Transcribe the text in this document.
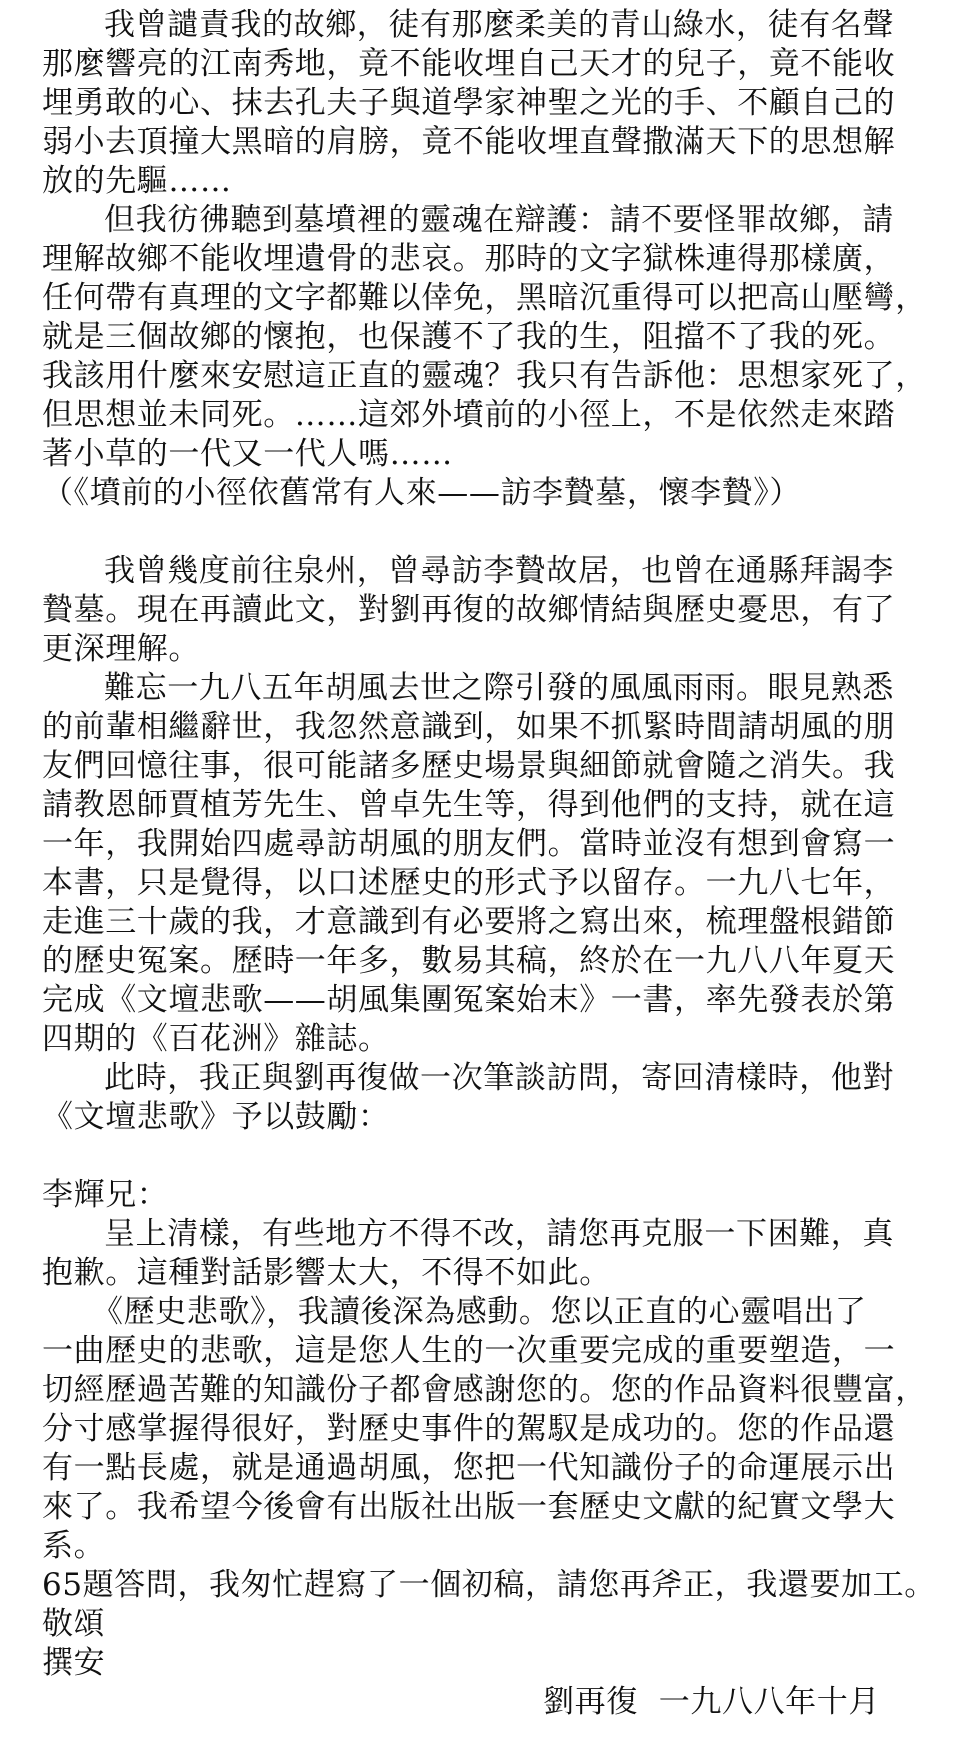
我曾譴責我的故鄉，徒有那麼柔美的青山綠水，徒有名聲
那麼響亮的江南秀地，竟不能收埋自己天才的兒子，竟不能收
埋勇敢的心、抹去孔夫子與道學家神聖之光的手、不顧自己的
弱小去頂撞大黑暗的肩膀，竟不能收埋直聲撒滿天下的思想解
放的先驅……

但我彷彿聽到墓墳裡的靈魂在辯護：請不要怪罪故鄉，請
理解故鄉不能收埋遺骨的悲哀。那時的文字獄株連得那樣廣，
任何帶有真理的文字都難以倖免，黑暗沉重得可以把高山壓彎，
就是三個故鄉的懷抱，也保護不了我的生，阻擋不了我的死。
我該用什麼來安慰這正直的靈魂？我只有告訴他：思想家死了，
但思想並未同死。……這郊外墳前的小徑上，不是依然走來踏
著小草的一代又一代人嗎……

（《墳前的小徑依舊常有人來——訪李贄墓，懷李贄》）

我曾幾度前往泉州，曾尋訪李贄故居，也曾在通縣拜謁李
贄墓。現在再讀此文，對劉再復的故鄉情結與歷史憂思，有了
更深理解。

難忘一九八五年胡風去世之際引發的風風雨雨。眼見熟悉
的前輩相繼辭世，我忽然意識到，如果不抓緊時間請胡風的朋
友們回憶往事，很可能諸多歷史場景與細節就會隨之消失。我
請教恩師賈植芳先生、曾卓先生等，得到他們的支持，就在這
一年，我開始四處尋訪胡風的朋友們。當時並沒有想到會寫一
本書，只是覺得，以口述歷史的形式予以留存。一九八七年，
走進三十歲的我，才意識到有必要將之寫出來，梳理盤根錯節
的歷史冤案。歷時一年多，數易其稿，終於在一九八八年夏天
完成《文壇悲歌——胡風集團冤案始末》一書，率先發表於第
四期的《百花洲》雜誌。

此時，我正與劉再復做一次筆談訪問，寄回清樣時，他對
《文壇悲歌》予以鼓勵：

李輝兄：

呈上清樣，有些地方不得不改，請您再克服一下困難，真
抱歉。這種對話影響太大，不得不如此。

《歷史悲歌》，我讀後深為感動。您以正直的心靈唱出了
一曲歷史的悲歌，這是您人生的一次重要完成的重要塑造，一
切經歷過苦難的知識份子都會感謝您的。您的作品資料很豐富，
分寸感掌握得很好，對歷史事件的駕馭是成功的。您的作品還
有一點長處，就是通過胡風，您把一代知識份子的命運展示出
來了。我希望今後會有出版社出版一套歷史文獻的紀實文學大
系。

65題答問，我匆忙趕寫了一個初稿，請您再斧正，我還要加工。

敬頌
撰安

劉再復  一九八八年十月
